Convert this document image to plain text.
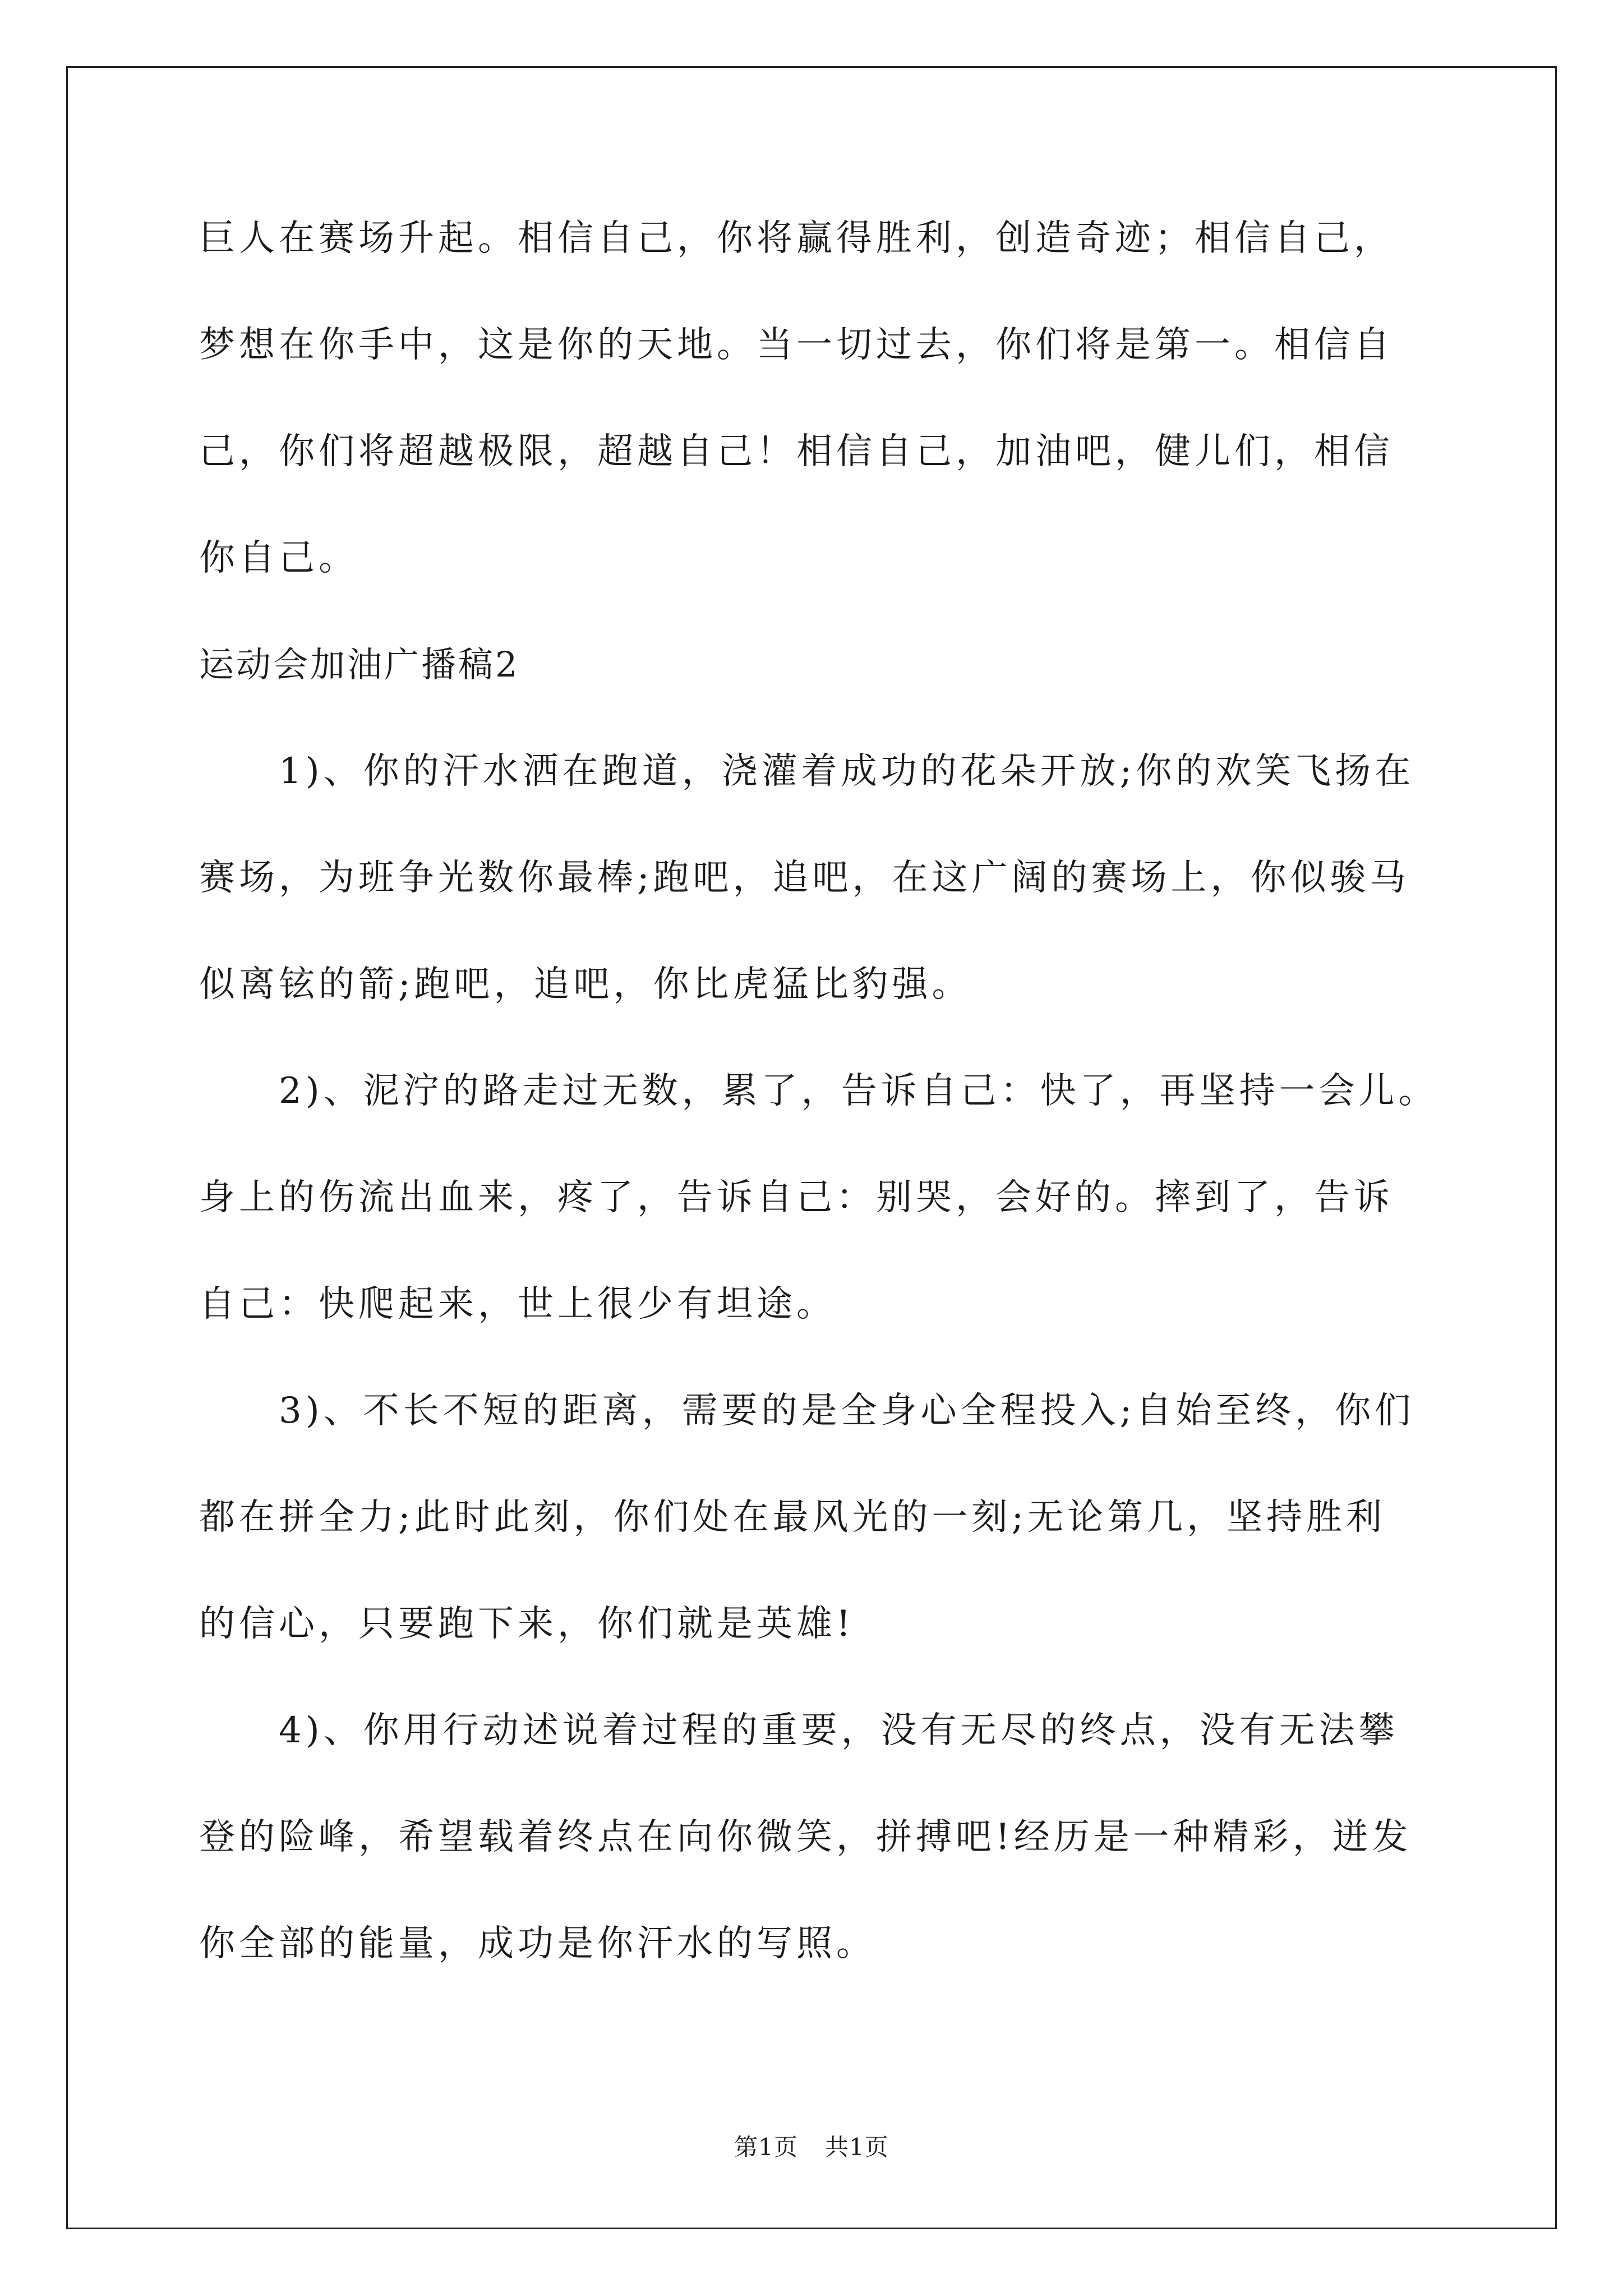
巨人在赛场升起。相信自己，你将赢得胜利，创造奇迹；相信自己，
梦想在你手中，这是你的天地。当一切过去，你们将是第一。相信自
己，你们将超越极限，超越自己！相信自己，加油吧，健儿们，相信
你自己。
运动会加油广播稿2
1)、你的汗水洒在跑道，浇灌着成功的花朵开放;你的欢笑飞扬在
赛场，为班争光数你最棒;跑吧，追吧，在这广阔的赛场上，你似骏马
似离铉的箭;跑吧，追吧，你比虎猛比豹强。
2)、泥泞的路走过无数，累了，告诉自己：快了，再坚持一会儿。
身上的伤流出血来，疼了，告诉自己：别哭，会好的。摔到了，告诉
自己：快爬起来，世上很少有坦途。
3)、不长不短的距离，需要的是全身心全程投入;自始至终，你们
都在拼全力;此时此刻，你们处在最风光的一刻;无论第几，坚持胜利
的信心，只要跑下来，你们就是英雄!
4)、你用行动述说着过程的重要，没有无尽的终点，没有无法攀
登的险峰，希望载着终点在向你微笑，拼搏吧!经历是一种精彩，迸发
你全部的能量，成功是你汗水的写照。
第1页 共1页
